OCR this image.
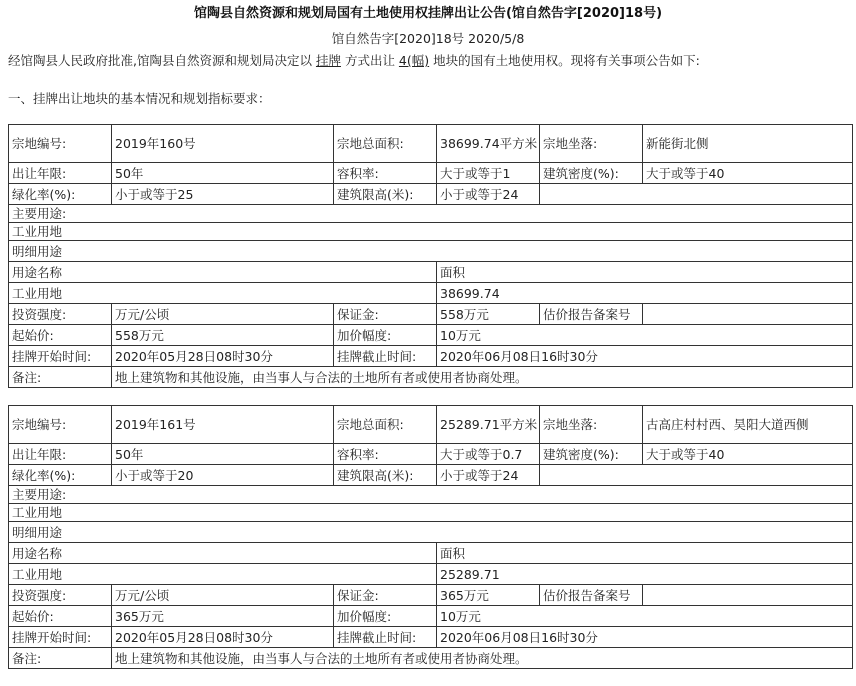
馆陶县自然资源和规划局国有土地使用权挂牌出让公告(馆自然告字[2020]18号)
馆自然告字[2020]18号 2020/5/8
经馆陶县人民政府批准,馆陶县自然资源和规划局决定以 挂牌 方式出让 4(幅) 地块的国有土地使用权。现将有关事项公告如下:
一、挂牌出让地块的基本情况和规划指标要求：
宗地编号:	2019年160号	宗地总面积:	38699.74平方米	宗地坐落:	新能街北侧
出让年限:	50年	容积率:	大于或等于1	建筑密度(%):	大于或等于40
绿化率(%):	小于或等于25	建筑限高(米):	小于或等于24		
主要用途:					
工业用地					
明细用途					
用途名称			面积		
工业用地			38699.74		
投资强度:	万元/公顷	保证金:	558万元	估价报告备案号	
起始价:	558万元	加价幅度:	10万元		
挂牌开始时间:	2020年05月28日08时30分	挂牌截止时间:	2020年06月08日16时30分		
备注:	地上建筑物和其他设施，由当事人与合法的土地所有者或使用者协商处理。				
宗地编号:	2019年161号	宗地总面积:	25289.71平方米	宗地坐落:	古高庄村村西、昊阳大道西侧
出让年限:	50年	容积率:	大于或等于0.7	建筑密度(%):	大于或等于40
绿化率(%):	小于或等于20	建筑限高(米):	小于或等于24		
主要用途:					
工业用地					
明细用途					
用途名称			面积		
工业用地			25289.71		
投资强度:	万元/公顷	保证金:	365万元	估价报告备案号	
起始价:	365万元	加价幅度:	10万元		
挂牌开始时间:	2020年05月28日08时30分	挂牌截止时间:	2020年06月08日16时30分		
备注:	地上建筑物和其他设施，由当事人与合法的土地所有者或使用者协商处理。				
